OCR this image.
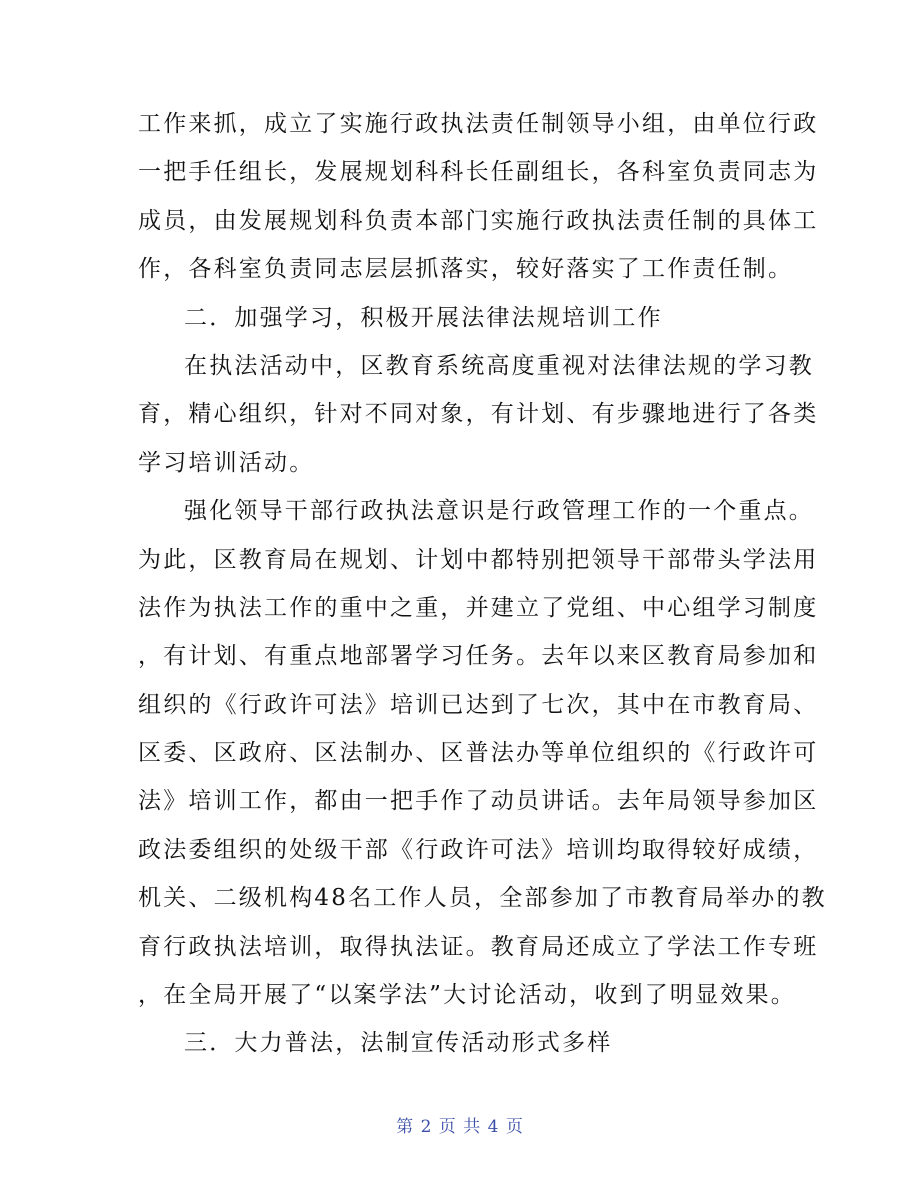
工作来抓，成立了实施行政执法责任制领导小组，由单位行政
一把手任组长，发展规划科科长任副组长，各科室负责同志为
成员，由发展规划科负责本部门实施行政执法责任制的具体工
作，各科室负责同志层层抓落实，较好落实了工作责任制。
二．加强学习，积极开展法律法规培训工作
在执法活动中，区教育系统高度重视对法律法规的学习教
育，精心组织，针对不同对象，有计划、有步骤地进行了各类
学习培训活动。
强化领导干部行政执法意识是行政管理工作的一个重点。
为此，区教育局在规划、计划中都特别把领导干部带头学法用
法作为执法工作的重中之重，并建立了党组、中心组学习制度
，有计划、有重点地部署学习任务。去年以来区教育局参加和
组织的《行政许可法》培训已达到了七次，其中在市教育局、
区委、区政府、区法制办、区普法办等单位组织的《行政许可
法》培训工作，都由一把手作了动员讲话。去年局领导参加区
政法委组织的处级干部《行政许可法》培训均取得较好成绩，
机关、二级机构48名工作人员，全部参加了市教育局举办的教
育行政执法培训，取得执法证。教育局还成立了学法工作专班
，在全局开展了“以案学法”大讨论活动，收到了明显效果。
三．大力普法，法制宣传活动形式多样
第 2 页 共 4 页
